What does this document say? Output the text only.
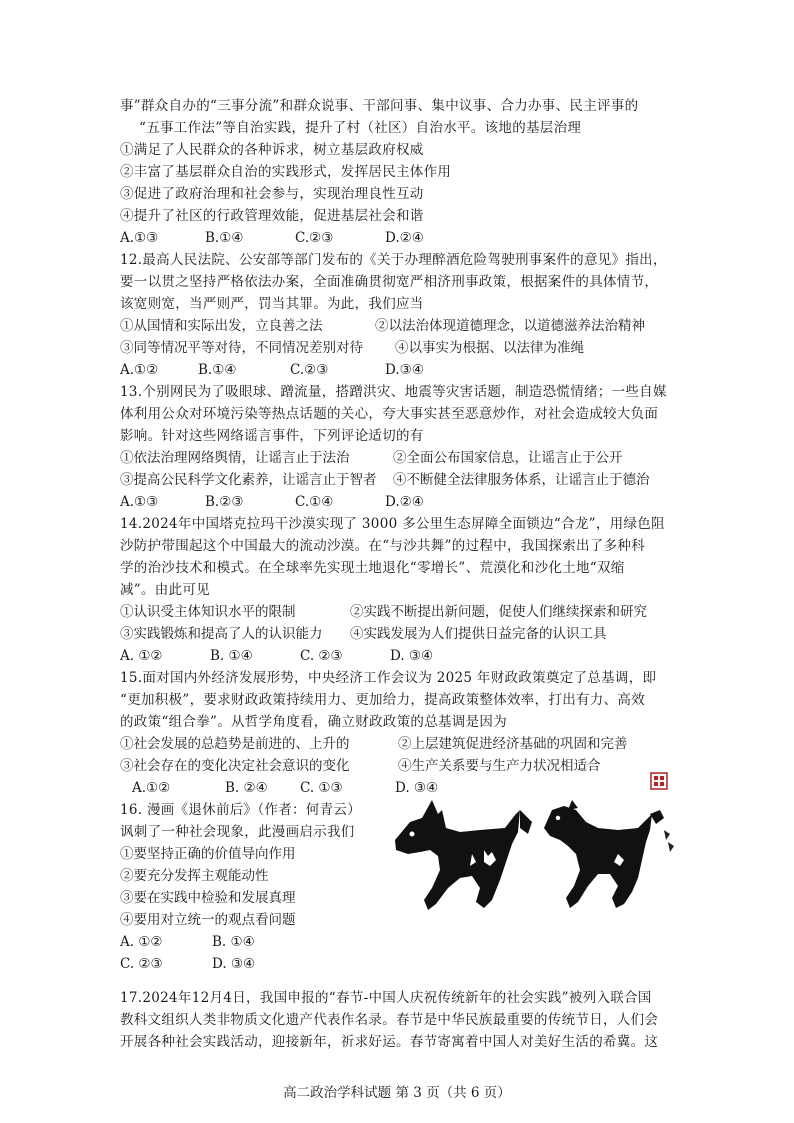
事”群众自办的“三事分流”和群众说事、干部问事、集中议事、合力办事、民主评事的
“五事工作法”等自治实践，提升了村（社区）自治水平。该地的基层治理
①满足了人民群众的各种诉求，树立基层政府权威
②丰富了基层群众自治的实践形式，发挥居民主体作用
③促进了政府治理和社会参与，实现治理良性互动
④提升了社区的行政管理效能，促进基层社会和谐
A.①③	B.①④	C.②③	D.②④
12.最高人民法院、公安部等部门发布的《关于办理醉酒危险驾驶刑事案件的意见》指出，
要一以贯之坚持严格依法办案，全面准确贯彻宽严相济刑事政策，根据案件的具体情节，
该宽则宽，当严则严，罚当其罪。为此，我们应当
①从国情和实际出发，立良善之法	②以法治体现道德理念，以道德滋养法治精神
③同等情况平等对待，不同情况差别对待 ④以事实为根据、以法律为准绳
A.①②	B.①④	C.②③	D.③④
13.个别网民为了吸眼球、蹭流量，搭蹭洪灾、地震等灾害话题，制造恐慌情绪；一些自媒
体利用公众对环境污染等热点话题的关心，夸大事实甚至恶意炒作，对社会造成较大负面
影响。针对这些网络谣言事件，下列评论适切的有
①依法治理网络舆情，让谣言止于法治	②全面公布国家信息，让谣言止于公开
③提高公民科学文化素养，让谣言止于智者 ④不断健全法律服务体系，让谣言止于德治
A.①③	B.②③	C.①④	D.②④
14.2024年中国塔克拉玛干沙漠实现了 3000 多公里生态屏障全面锁边“合龙”，用绿色阻
沙防护带围起这个中国最大的流动沙漠。在“与沙共舞”的过程中，我国探索出了多种科
学的治沙技术和模式。在全球率先实现土地退化“零增长”、荒漠化和沙化土地“双缩
减”。由此可见
①认识受主体知识水平的限制	②实践不断提出新问题，促使人们继续探索和研究
③实践锻炼和提高了人的认识能力 ④实践发展为人们提供日益完备的认识工具
A. ①②	B. ①④	C. ②③	D. ③④
15.面对国内外经济发展形势，中央经济工作会议为 2025 年财政政策奠定了总基调，即
“更加积极”，要求财政政策持续用力、更加给力，提高政策整体效率，打出有力、高效
的政策“组合拳”。从哲学角度看，确立财政政策的总基调是因为
①社会发展的总趋势是前进的、上升的	②上层建筑促进经济基础的巩固和完善
③社会存在的变化决定社会意识的变化	④生产关系要与生产力状况相适合
A.①②	B. ②④ C. ①③	D. ③④
16. 漫画《退休前后》（作者：何青云）
讽刺了一种社会现象，此漫画启示我们
①要坚持正确的价值导向作用
②要充分发挥主观能动性
③要在实践中检验和发展真理
④要用对立统一的观点看问题
A. ①②	B. ①④
C. ②③	D. ③④
17.2024年12月4日，我国申报的“春节-中国人庆祝传统新年的社会实践”被列入联合国
教科文组织人类非物质文化遗产代表作名录。春节是中华民族最重要的传统节日，人们会
开展各种社会实践活动，迎接新年，祈求好运。春节寄寓着中国人对美好生活的希冀。这
高二政治学科试题 第 3 页（共 6 页）
